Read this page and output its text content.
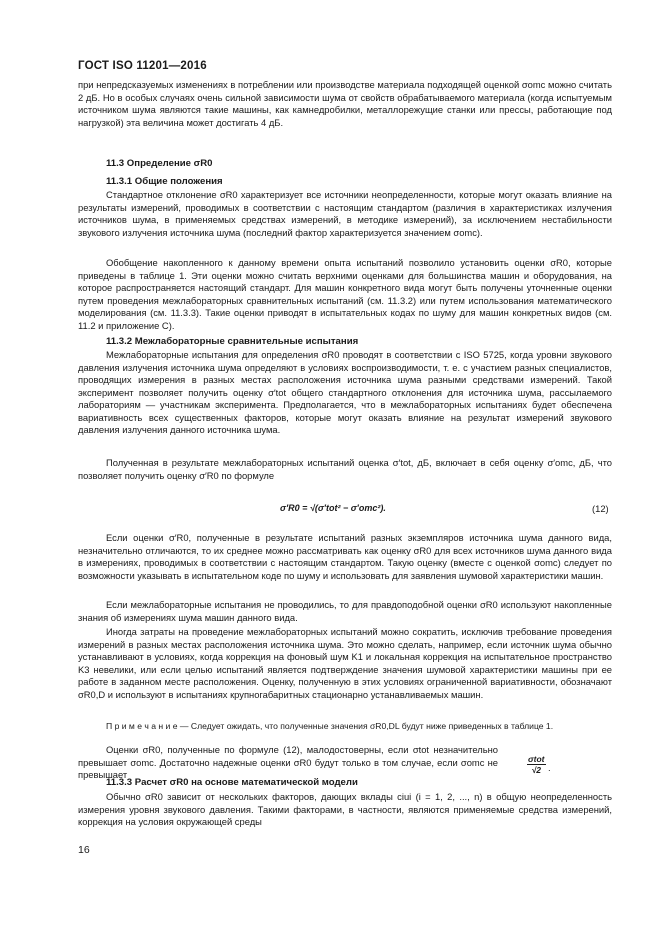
ГОСТ ISO 11201—2016

при непредсказуемых изменениях в потреблении или производстве материала подходящей оценкой σomc можно считать 2 дБ. Но в особых случаях очень сильной зависимости шума от свойств обрабатываемого материала (когда испытуемым источником шума являются такие машины, как камнедробилки, металлорежущие станки или прессы, работающие под нагрузкой) эта величина может достигать 4 дБ.

11.3 Определение σR0
11.3.1 Общие положения

Стандартное отклонение σR0 характеризует все источники неопределенности, которые могут оказать влияние на результаты измерений, проводимых в соответствии с настоящим стандартом (различия в характеристиках излучения источников шума, в применяемых средствах измерений, в методике измерений), за исключением нестабильности звукового излучения источника шума (последний фактор характеризуется значением σomc).

Обобщение накопленного к данному времени опыта испытаний позволило установить оценки σR0, которые приведены в таблице 1. Эти оценки можно считать верхними оценками для большинства машин и оборудования, на которое распространяется настоящий стандарт. Для машин конкретного вида могут быть получены уточненные оценки путем проведения межлабораторных сравнительных испытаний (см. 11.3.2) или путем использования математического моделирования (см. 11.3.3). Такие оценки приводят в испытательных кодах по шуму для машин конкретных видов (см. 11.2 и приложение С).

11.3.2 Межлабораторные сравнительные испытания

Межлабораторные испытания для определения σR0 проводят в соответствии с ISO 5725, когда уровни звукового давления излучения источника шума определяют в условиях воспроизводимости, т. е. с участием разных специалистов, проводящих измерения в разных местах расположения источника шума разными средствами измерений. Такой эксперимент позволяет получить оценку σ′tot общего стандартного отклонения для источника шума, рассылаемого лабораториям — участникам эксперимента. Предполагается, что в межлабораторных испытаниях будет обеспечена вариативность всех существенных факторов, которые могут оказать влияние на результат измерений звукового давления излучения данного источника шума.

Полученная в результате межлабораторных испытаний оценка σ′tot, дБ, включает в себя оценку σ′omc, дБ, что позволяет получить оценку σ′R0 по формуле

σ′R0 = √(σ′tot² − σ′omc²).	(12)

Если оценки σ′R0, полученные в результате испытаний разных экземпляров источника шума данного вида, незначительно отличаются, то их среднее можно рассматривать как оценку σR0 для всех источников шума данного вида в измерениях, проводимых в соответствии с настоящим стандартом. Такую оценку (вместе с оценкой σomc) следует по возможности указывать в испытательном коде по шуму и использовать для заявления шумовой характеристики машин.

Если межлабораторные испытания не проводились, то для правдоподобной оценки σR0 используют накопленные знания об измерениях шума машин данного вида.

Иногда затраты на проведение межлабораторных испытаний можно сократить, исключив требование проведения измерений в разных местах расположения источника шума. Это можно сделать, например, если источник шума обычно устанавливают в условиях, когда коррекция на фоновый шум K1 и локальная коррекция на испытательное пространство K3 невелики, или если целью испытаний является подтверждение значения шумовой характеристики машины при ее работе в заданном месте расположения. Оценку, полученную в этих условиях ограниченной вариативности, обозначают σR0,D и используют в испытаниях крупногабаритных стационарно устанавливаемых машин.

П р и м е ч а н и е — Следует ожидать, что полученные значения σR0,DL будут ниже приведенных в таблице 1.

Оценки σR0, полученные по формуле (12), малодостоверны, если σtot незначительно превышает σomc. Достаточно надежные оценки σR0 будут только в том случае, если σomc не превышает

σtot
√2 .
11.3.3 Расчет σR0 на основе математической модели

Обычно σR0 зависит от нескольких факторов, дающих вклады ciui (i = 1, 2, ..., n) в общую неопределенность измерения уровня звукового давления. Такими факторами, в частности, являются применяемые средства измерений, коррекция на условия окружающей среды

16
